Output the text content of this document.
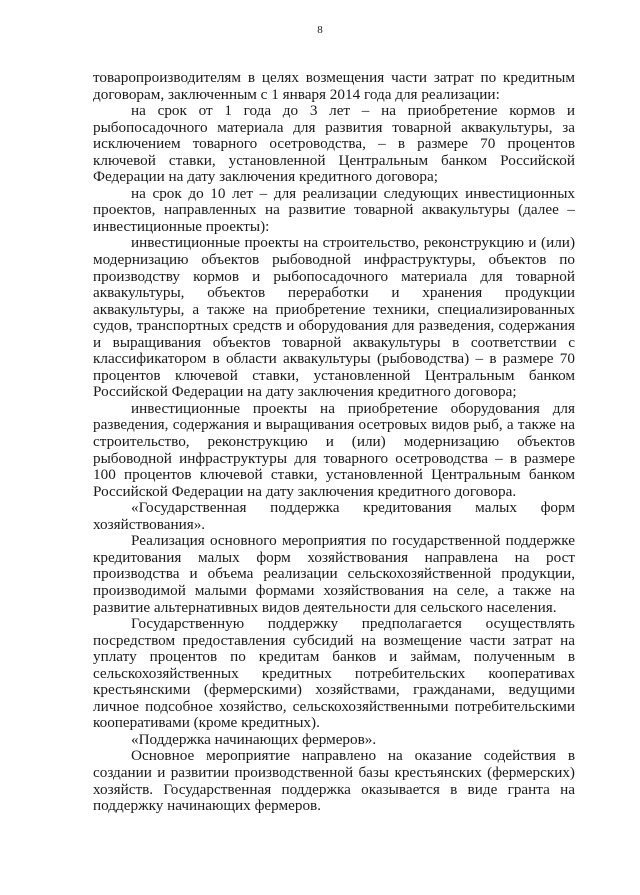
8

товаропроизводителям в целях возмещения части затрат по кредитным договорам, заключенным с 1 января 2014 года для реализации:

на срок от 1 года до 3 лет – на приобретение кормов и рыбопосадочного материала для развития товарной аквакультуры, за исключением товарного осетроводства, – в размере 70 процентов ключевой ставки, установленной Центральным банком Российской Федерации на дату заключения кредитного договора;

на срок до 10 лет – для реализации следующих инвестиционных проектов, направленных на развитие товарной аквакультуры (далее – инвестиционные проекты):

инвестиционные проекты на строительство, реконструкцию и (или) модернизацию объектов рыбоводной инфраструктуры, объектов по производству кормов и рыбопосадочного материала для товарной аквакультуры, объектов переработки и хранения продукции аквакультуры, а также на приобретение техники, специализированных судов, транспортных средств и оборудования для разведения, содержания и выращивания объектов товарной аквакультуры в соответствии с классификатором в области аквакультуры (рыбоводства) – в размере 70 процентов ключевой ставки, установленной Центральным банком Российской Федерации на дату заключения кредитного договора;

инвестиционные проекты на приобретение оборудования для разведения, содержания и выращивания осетровых видов рыб, а также на строительство, реконструкцию и (или) модернизацию объектов рыбоводной инфраструктуры для товарного осетроводства – в размере 100 процентов ключевой ставки, установленной Центральным банком Российской Федерации на дату заключения кредитного договора.

«Государственная поддержка кредитования малых форм хозяйствования».

Реализация основного мероприятия по государственной поддержке кредитования малых форм хозяйствования направлена на рост производства и объема реализации сельскохозяйственной продукции, производимой малыми формами хозяйствования на селе, а также на развитие альтернативных видов деятельности для сельского населения.

Государственную поддержку предполагается осуществлять посредством предоставления субсидий на возмещение части затрат на уплату процентов по кредитам банков и займам, полученным в сельскохозяйственных кредитных потребительских кооперативах крестьянскими (фермерскими) хозяйствами, гражданами, ведущими личное подсобное хозяйство, сельскохозяйственными потребительскими кооперативами (кроме кредитных).

«Поддержка начинающих фермеров».

Основное мероприятие направлено на оказание содействия в создании и развитии производственной базы крестьянских (фермерских) хозяйств. Государственная поддержка оказывается в виде гранта на поддержку начинающих фермеров.
